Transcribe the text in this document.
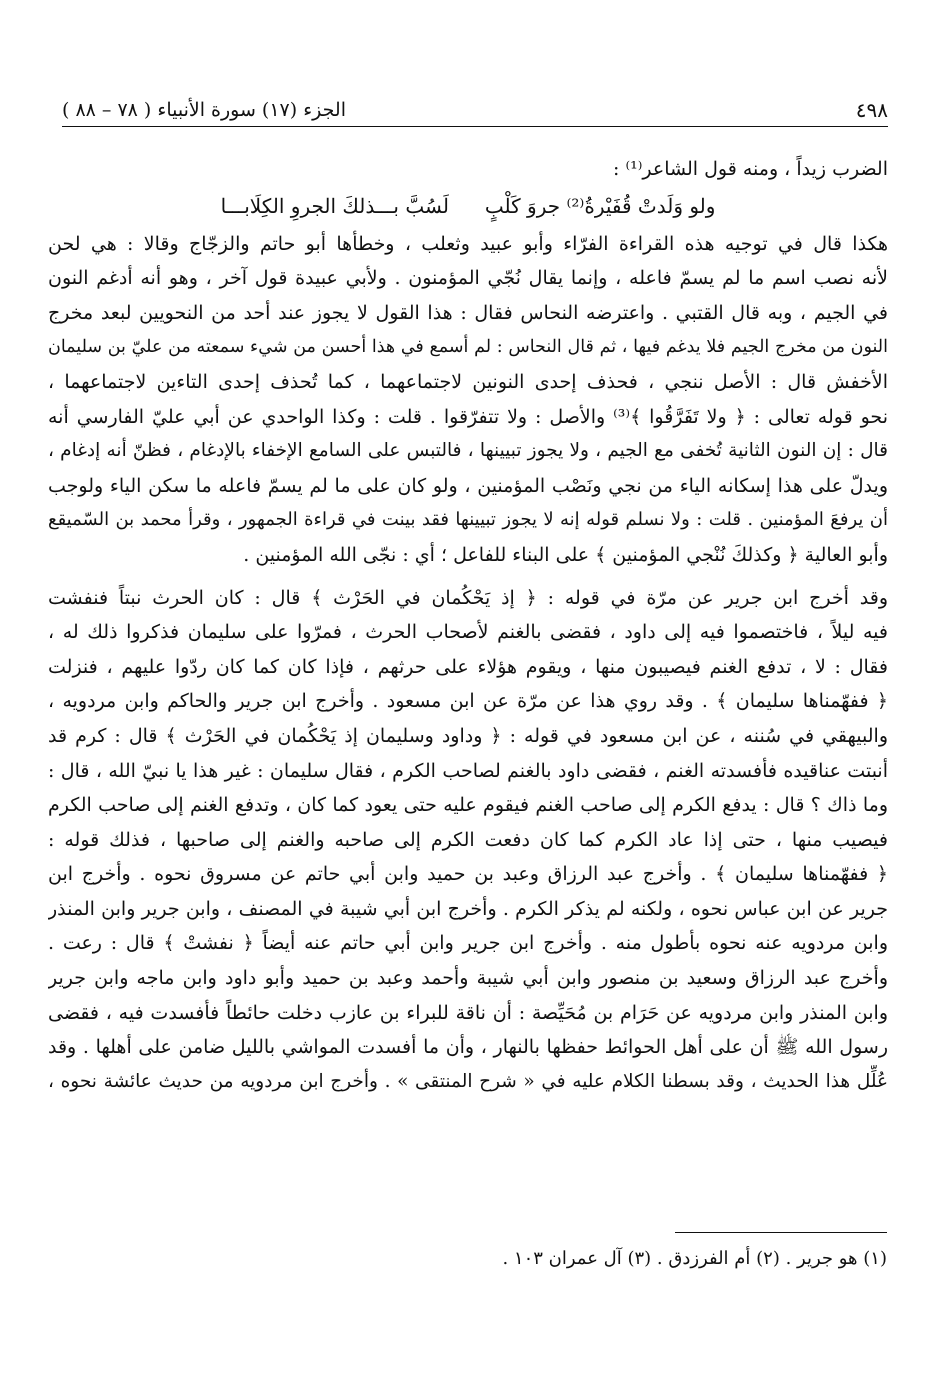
٤٩٨
الجزء (١٧) سورة الأنبياء ( ٧٨ – ٨٨ )
الضرب زيداً ، ومنه قول الشاعر⁽¹⁾ :
ولو وَلَدتْ قُفَيْرةُ⁽²⁾ جروَ كَلْبٍ
لَسُبَّ بـــذلكَ الجروِ الكِلَابـــا
هكذا قال في توجيه هذه القراءة الفرّاء وأبو عبيد وثعلب ، وخطأها أبو حاتم والزجّاج وقالا : هي لحن
لأنه نصب اسم ما لم يسمّ فاعله ، وإنما يقال نُجّي المؤمنون . ولأبي عبيدة قول آخر ، وهو أنه أدغم النون
في الجيم ، وبه قال القتبي . واعترضه النحاس فقال : هذا القول لا يجوز عند أحد من النحويين لبعد مخرج
النون من مخرج الجيم فلا يدغم فيها ، ثم قال النحاس : لم أسمع في هذا أحسن من شيء سمعته من عليّ بن سليمان
الأخفش قال : الأصل ننجي ، فحذف إحدى النونين لاجتماعهما ، كما تُحذف إحدى التاءين لاجتماعهما ،
نحو قوله تعالى : ﴿ ولا تَفَرَّقُوا ﴾⁽³⁾ والأصل : ولا تتفرّقوا . قلت : وكذا الواحدي عن أبي عليّ الفارسي أنه
قال : إن النون الثانية تُخفى مع الجيم ، ولا يجوز تبيينها ، فالتبس على السامع الإخفاء بالإدغام ، فظنّ أنه إدغام ،
ويدلّ على هذا إسكانه الياء من نجي ونَصْب المؤمنين ، ولو كان على ما لم يسمّ فاعله ما سكن الياء ولوجب
أن يرفعَ المؤمنين . قلت : ولا نسلم قوله إنه لا يجوز تبيينها فقد بينت في قراءة الجمهور ، وقرأ محمد بن السّميقع
وأبو العالية ﴿ وكذلكَ نُنْجي المؤمنين ﴾ على البناء للفاعل ؛ أي : نجّى الله المؤمنين .
وقد أخرج ابن جرير عن مرّة في قوله : ﴿ إذ يَحْكُمان في الحَرْث ﴾ قال : كان الحرث نبتاً فنفشت
فيه ليلاً ، فاختصموا فيه إلى داود ، فقضى بالغنم لأصحاب الحرث ، فمرّوا على سليمان فذكروا ذلك له ،
فقال : لا ، تدفع الغنم فيصيبون منها ، ويقوم هؤلاء على حرثهم ، فإذا كان كما كان ردّوا عليهم ، فنزلت
﴿ ففهّمناها سليمان ﴾ . وقد روي هذا عن مرّة عن ابن مسعود . وأخرج ابن جرير والحاكم وابن مردويه ،
والبيهقي في سُننه ، عن ابن مسعود في قوله : ﴿ وداود وسليمان إذ يَحْكُمان في الحَرْث ﴾ قال : كرم قد
أنبتت عناقيده فأفسدته الغنم ، فقضى داود بالغنم لصاحب الكرم ، فقال سليمان : غير هذا يا نبيّ الله ، قال :
وما ذاك ؟ قال : يدفع الكرم إلى صاحب الغنم فيقوم عليه حتى يعود كما كان ، وتدفع الغنم إلى صاحب الكرم
فيصيب منها ، حتى إذا عاد الكرم كما كان دفعت الكرم إلى صاحبه والغنم إلى صاحبها ، فذلك قوله :
﴿ ففهّمناها سليمان ﴾ . وأخرج عبد الرزاق وعبد بن حميد وابن أبي حاتم عن مسروق نحوه . وأخرج ابن
جرير عن ابن عباس نحوه ، ولكنه لم يذكر الكرم . وأخرج ابن أبي شيبة في المصنف ، وابن جرير وابن المنذر
وابن مردويه عنه نحوه بأطول منه . وأخرج ابن جرير وابن أبي حاتم عنه أيضاً ﴿ نفشتْ ﴾ قال : رعت .
وأخرج عبد الرزاق وسعيد بن منصور وابن أبي شيبة وأحمد وعبد بن حميد وأبو داود وابن ماجه وابن جرير
وابن المنذر وابن مردويه عن حَرَام بن مُحَيِّصة : أن ناقة للبراء بن عازب دخلت حائطاً فأفسدت فيه ، فقضى
رسول الله ﷺ أن على أهل الحوائط حفظها بالنهار ، وأن ما أفسدت المواشي بالليل ضامن على أهلها . وقد
عُلِّل هذا الحديث ، وقد بسطنا الكلام عليه في « شرح المنتقى » . وأخرج ابن مردويه من حديث عائشة نحوه ،
(١) هو جرير . (٢) أم الفرزدق . (٣) آل عمران ١٠٣ .
